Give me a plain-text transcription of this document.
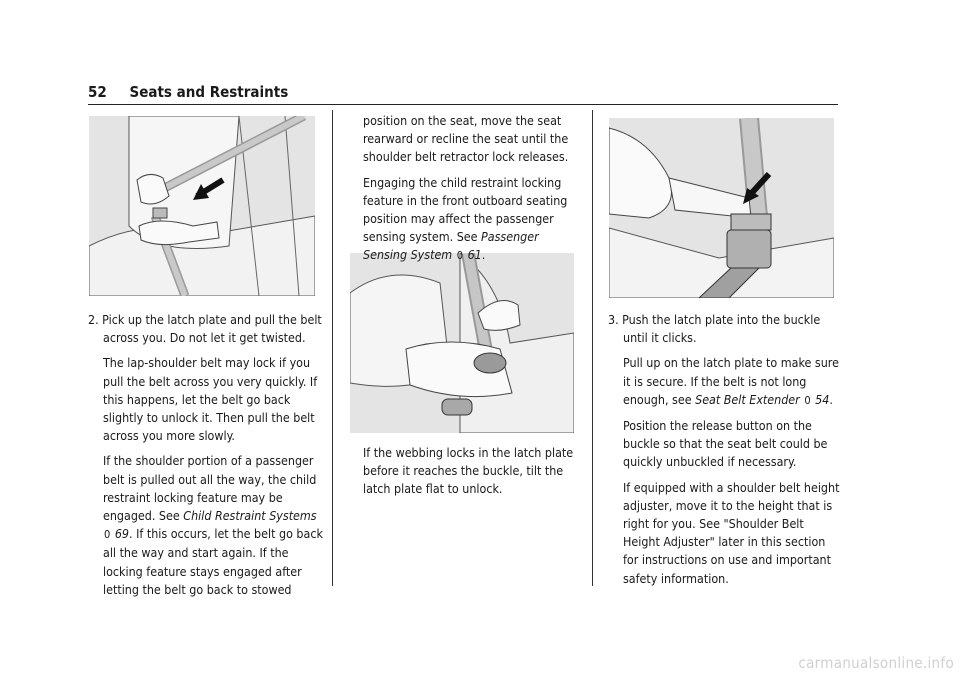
52 Seats and Restraints

2. Pick up the latch plate and pull the belt across you. Do not let it get twisted.

The lap-shoulder belt may lock if you pull the belt across you very quickly. If this happens, let the belt go back slightly to unlock it. Then pull the belt across you more slowly.

If the shoulder portion of a passenger belt is pulled out all the way, the child restraint locking feature may be engaged. See Child Restraint Systems 0 69. If this occurs, let the belt go back all the way and start again. If the locking feature stays engaged after letting the belt go back to stowed

position on the seat, move the seat rearward or recline the seat until the shoulder belt retractor lock releases.

Engaging the child restraint locking feature in the front outboard seating position may affect the passenger sensing system. See Passenger Sensing System 0 61.

If the webbing locks in the latch plate before it reaches the buckle, tilt the latch plate flat to unlock.

3. Push the latch plate into the buckle until it clicks.

Pull up on the latch plate to make sure it is secure. If the belt is not long enough, see Seat Belt Extender 0 54.

Position the release button on the buckle so that the seat belt could be quickly unbuckled if necessary.

If equipped with a shoulder belt height adjuster, move it to the height that is right for you. See "Shoulder Belt Height Adjuster" later in this section for instructions on use and important safety information.

carmanualsonline.info
